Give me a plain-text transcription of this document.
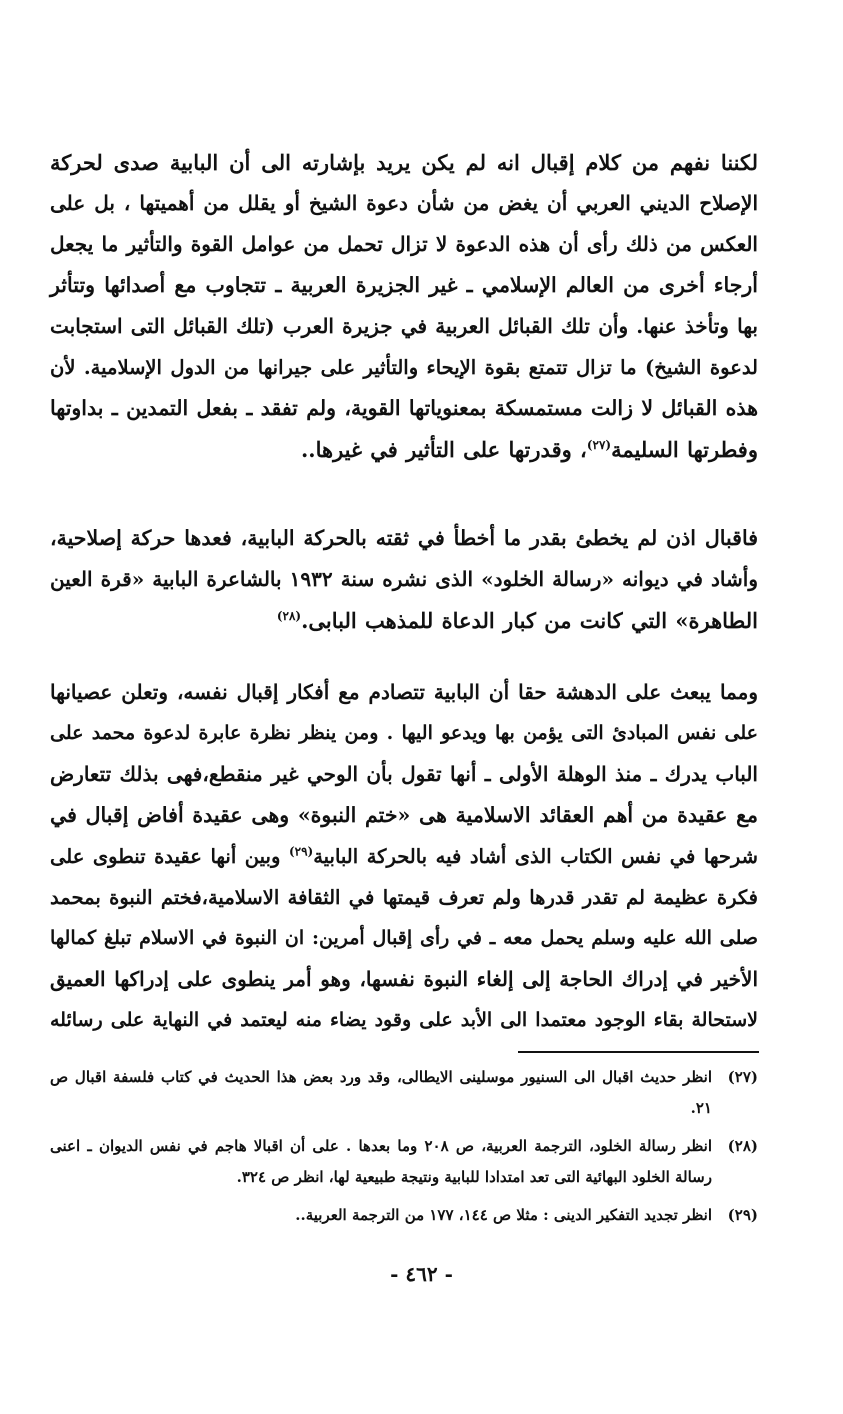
لكننا نفهم من كلام إقبال انه لم يكن يريد بإشارته الى أن البابية صدى لحركة
الإصلاح الديني العربي أن يغض من شأن دعوة الشيخ أو يقلل من أهميتها ، بل على
العكس من ذلك رأى أن هذه الدعوة لا تزال تحمل من عوامل القوة والتأثير ما يجعل
أرجاء أخرى من العالم الإسلامي ـ غير الجزيرة العربية ـ تتجاوب مع أصدائها وتتأثر
بها وتأخذ عنها. وأن تلك القبائل العربية في جزيرة العرب (تلك القبائل التى استجابت
لدعوة الشيخ) ما تزال تتمتع بقوة الإيحاء والتأثير على جيرانها من الدول الإسلامية. لأن
هذه القبائل لا زالت مستمسكة بمعنوياتها القوية، ولم تفقد ـ بفعل التمدين ـ بداوتها
وفطرتها السليمة$^{(٢٧)}$، وقدرتها على التأثير في غيرها..
فاقبال اذن لم يخطئ بقدر ما أخطأ في ثقته بالحركة البابية، فعدها حركة إصلاحية،
وأشاد في ديوانه «رسالة الخلود» الذى نشره سنة ١٩٣٢ بالشاعرة البابية «قرة العين
الطاهرة» التي كانت من كبار الدعاة للمذهب البابى.$^{(٢٨)}$
ومما يبعث على الدهشة حقا أن البابية تتصادم مع أفكار إقبال نفسه، وتعلن عصيانها
على نفس المبادئ التى يؤمن بها ويدعو اليها . ومن ينظر نظرة عابرة لدعوة محمد على
الباب يدرك ـ منذ الوهلة الأولى ـ أنها تقول بأن الوحي غير منقطع،فهى بذلك تتعارض
مع عقيدة من أهم العقائد الاسلامية هى «ختم النبوة» وهى عقيدة أفاض إقبال في
شرحها في نفس الكتاب الذى أشاد فيه بالحركة البابية$^{(٢٩)}$ وبين أنها عقيدة تنطوى على
فكرة عظيمة لم تقدر قدرها ولم تعرف قيمتها في الثقافة الاسلامية،فختم النبوة بمحمد
صلى الله عليه وسلم يحمل معه ـ في رأى إقبال أمرين: ان النبوة في الاسلام تبلغ كمالها
الأخير في إدراك الحاجة إلى إلغاء النبوة نفسها، وهو أمر ينطوى على إدراكها العميق
لاستحالة بقاء الوجود معتمدا الى الأبد على وقود يضاء منه ليعتمد في النهاية على رسائله
(٢٧)
انظر حديث اقبال الى السنيور موسلينى الايطالى، وقد ورد بعض هذا الحديث في كتاب فلسفة اقبال ص ٢١.
(٢٨)
انظر رسالة الخلود، الترجمة العربية، ص ٢٠٨ وما بعدها . على أن اقبالا هاجم في نفس الديوان ـ اعنى رسالة الخلود البهائية التى تعد امتدادا للبابية ونتيجة طبيعية لها، انظر ص ٣٢٤.
(٢٩)
انظر تجديد التفكير الدينى : مثلا ص ١٤٤، ١٧٧ من الترجمة العربية..
- ٤٦٢ -
